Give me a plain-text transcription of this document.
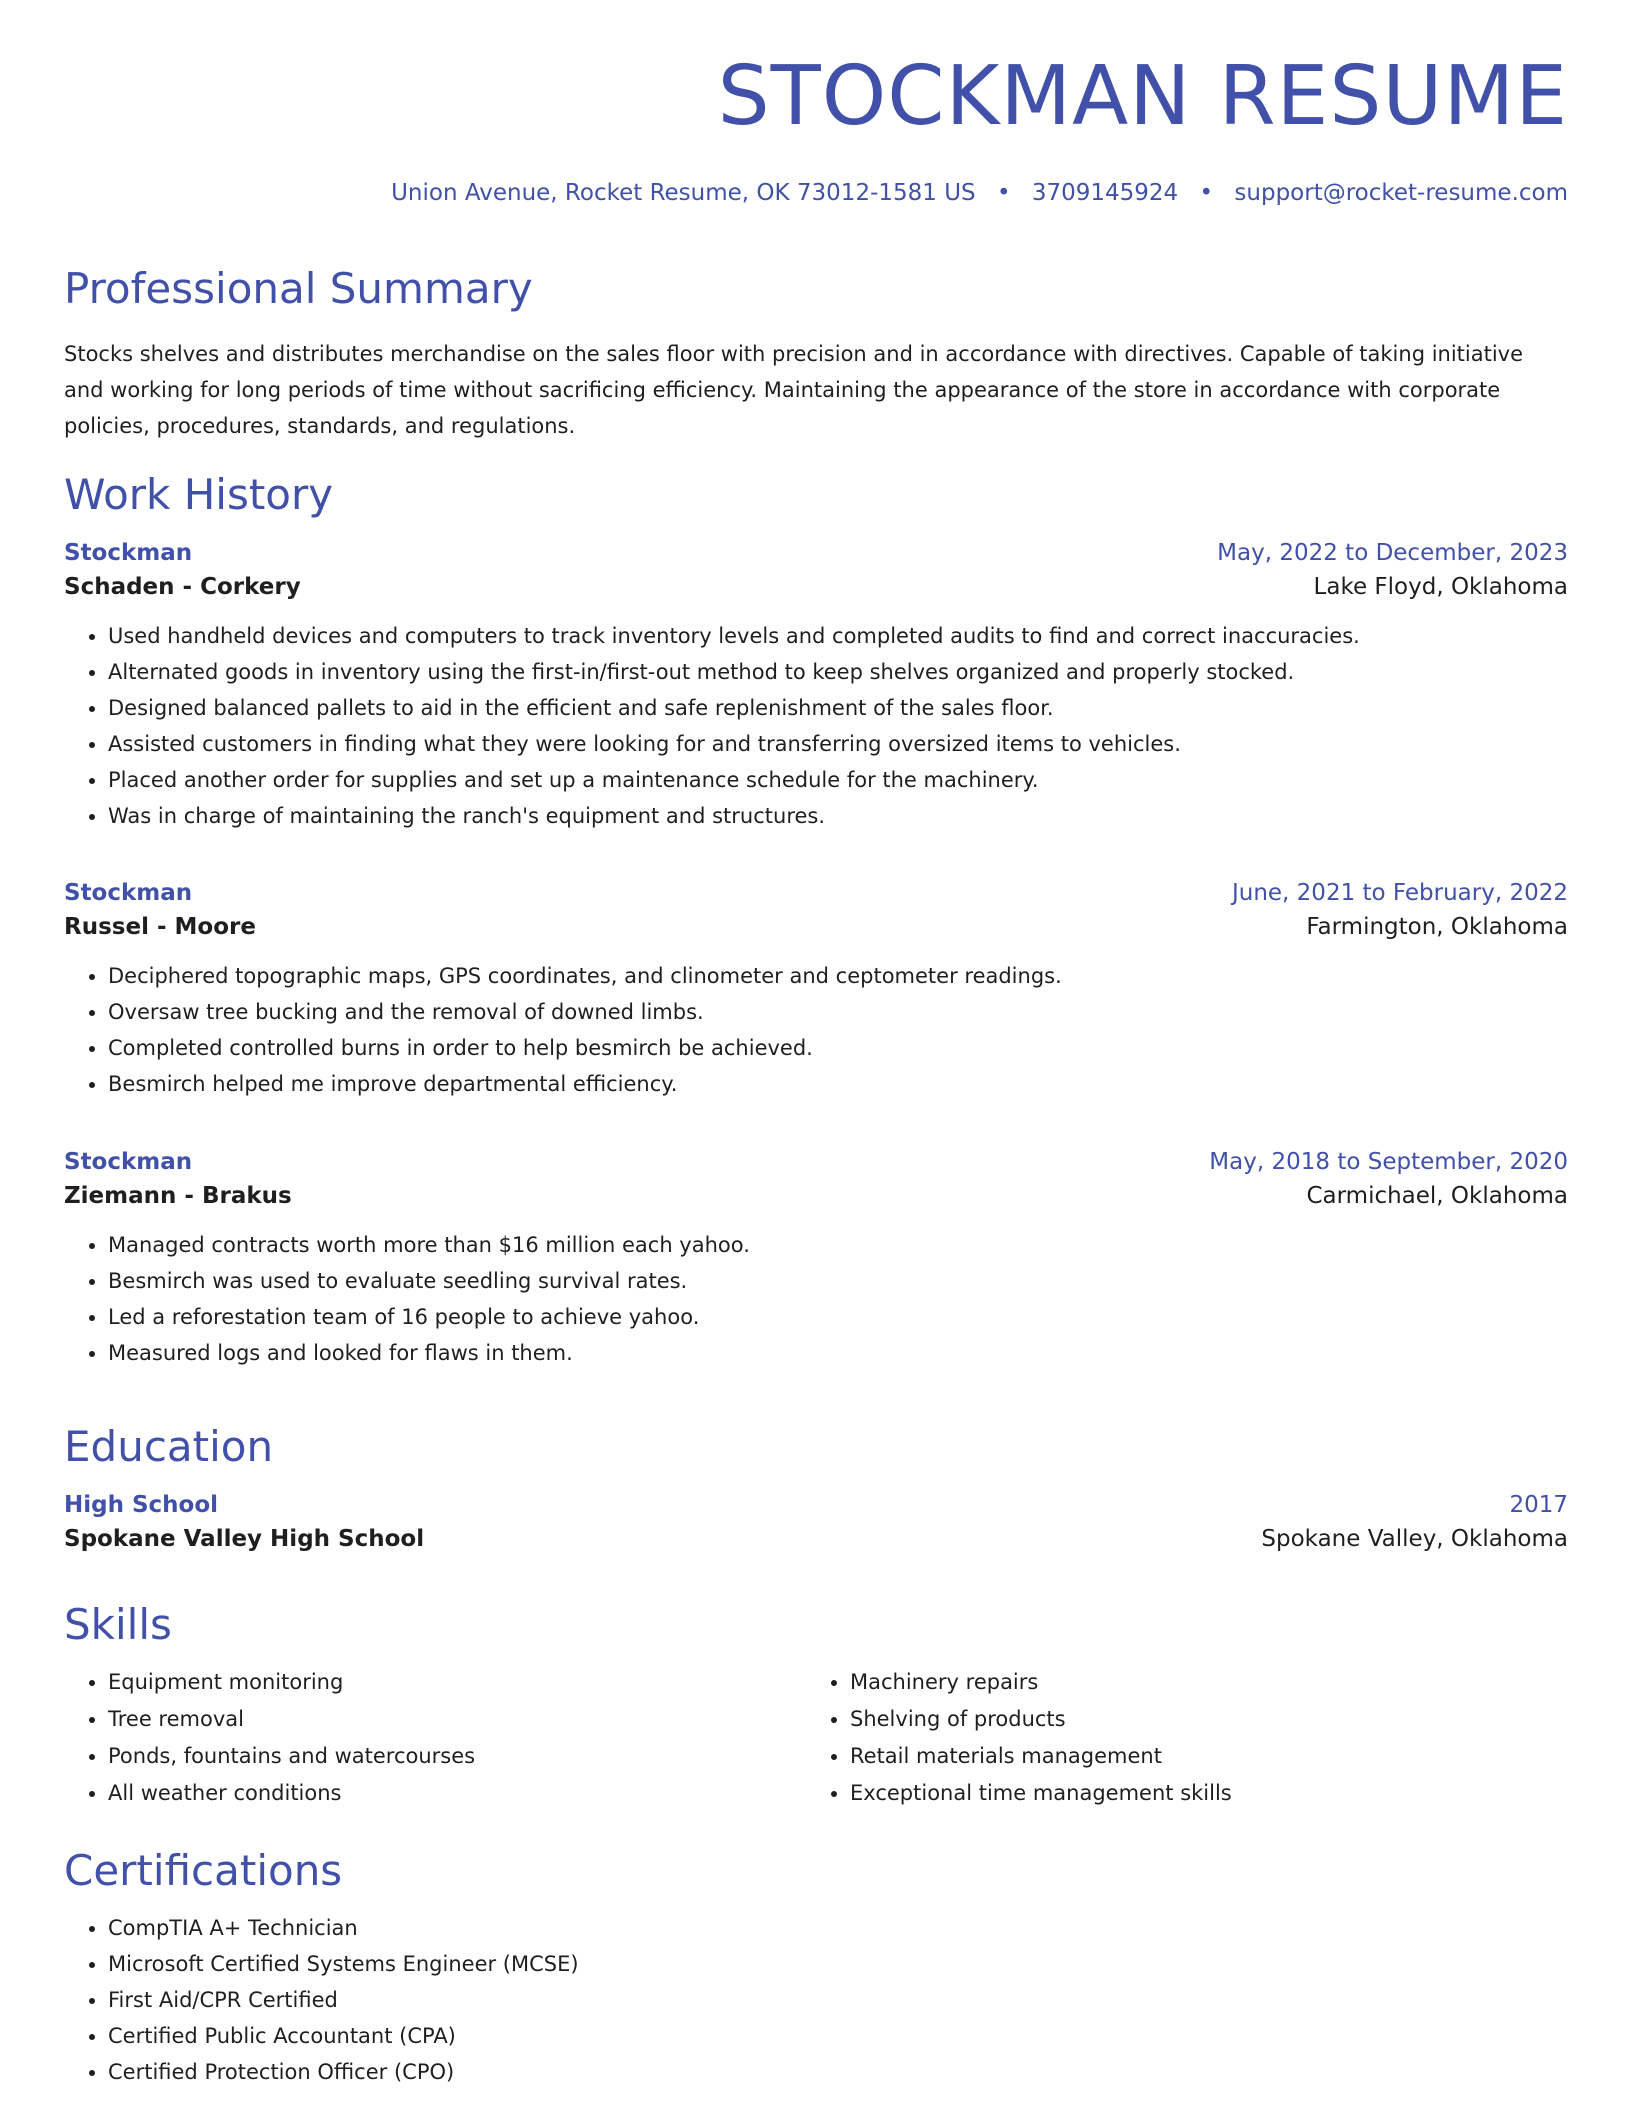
STOCKMAN RESUME
Union Avenue, Rocket Resume, OK 73012-1581 US • 3709145924 • support@rocket-resume.com
Professional Summary

Stocks shelves and distributes merchandise on the sales floor with precision and in accordance with directives. Capable of taking initiative and working for long periods of time without sacrificing efficiency. Maintaining the appearance of the store in accordance with corporate policies, procedures, standards, and regulations.

Work History
Stockman	May, 2022 to December, 2023
Schaden - Corkery	Lake Floyd, Oklahoma
• Used handheld devices and computers to track inventory levels and completed audits to find and correct inaccuracies.
• Alternated goods in inventory using the first-in/first-out method to keep shelves organized and properly stocked.
• Designed balanced pallets to aid in the efficient and safe replenishment of the sales floor.
• Assisted customers in finding what they were looking for and transferring oversized items to vehicles.
• Placed another order for supplies and set up a maintenance schedule for the machinery.
• Was in charge of maintaining the ranch's equipment and structures.
Stockman	June, 2021 to February, 2022
Russel - Moore	Farmington, Oklahoma
• Deciphered topographic maps, GPS coordinates, and clinometer and ceptometer readings.
• Oversaw tree bucking and the removal of downed limbs.
• Completed controlled burns in order to help besmirch be achieved.
• Besmirch helped me improve departmental efficiency.
Stockman	May, 2018 to September, 2020
Ziemann - Brakus	Carmichael, Oklahoma
• Managed contracts worth more than $16 million each yahoo.
• Besmirch was used to evaluate seedling survival rates.
• Led a reforestation team of 16 people to achieve yahoo.
• Measured logs and looked for flaws in them.
Education
High School	2017
Spokane Valley High School	Spokane Valley, Oklahoma
Skills
• Equipment monitoring
• Tree removal
• Ponds, fountains and watercourses
• All weather conditions
• Machinery repairs
• Shelving of products
• Retail materials management
• Exceptional time management skills
Certifications
• CompTIA A+ Technician
• Microsoft Certified Systems Engineer (MCSE)
• First Aid/CPR Certified
• Certified Public Accountant (CPA)
• Certified Protection Officer (CPO)
